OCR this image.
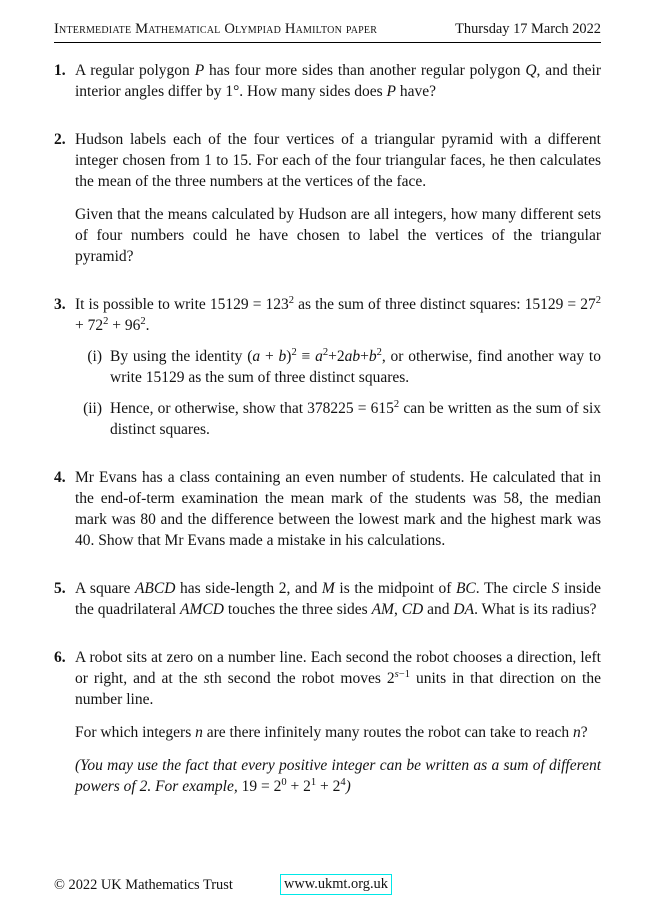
Intermediate Mathematical Olympiad Hamilton paper	Thursday 17 March 2022
1. A regular polygon P has four more sides than another regular polygon Q, and their interior angles differ by 1°. How many sides does P have?

2. Hudson labels each of the four vertices of a triangular pyramid with a different integer chosen from 1 to 15. For each of the four triangular faces, he then calculates the mean of the three numbers at the vertices of the face.

Given that the means calculated by Hudson are all integers, how many different sets of four numbers could he have chosen to label the vertices of the triangular pyramid?

3. It is possible to write $15129 = 123^2$ as the sum of three distinct squares: $15129 = 27^2 + 72^2 + 96^2$.

(i) By using the identity $(a + b)^2 \equiv a^2+2ab+b^2$, or otherwise, find another way to write 15129 as the sum of three distinct squares.

(ii) Hence, or otherwise, show that $378225 = 615^2$ can be written as the sum of six distinct squares.

4. Mr Evans has a class containing an even number of students. He calculated that in the end-of-term examination the mean mark of the students was 58, the median mark was 80 and the difference between the lowest mark and the highest mark was 40. Show that Mr Evans made a mistake in his calculations.

5. A square ABCD has side-length 2, and M is the midpoint of BC. The circle S inside the quadrilateral AMCD touches the three sides AM, CD and DA. What is its radius?

6. A robot sits at zero on a number line. Each second the robot chooses a direction, left or right, and at the sth second the robot moves $2^{s-1}$ units in that direction on the number line.

For which integers n are there infinitely many routes the robot can take to reach n?

(You may use the fact that every positive integer can be written as a sum of different powers of 2. For example, $19 = 2^0 + 2^1 + 2^4$)

© 2022 UK Mathematics Trust	www.ukmt.org.uk
